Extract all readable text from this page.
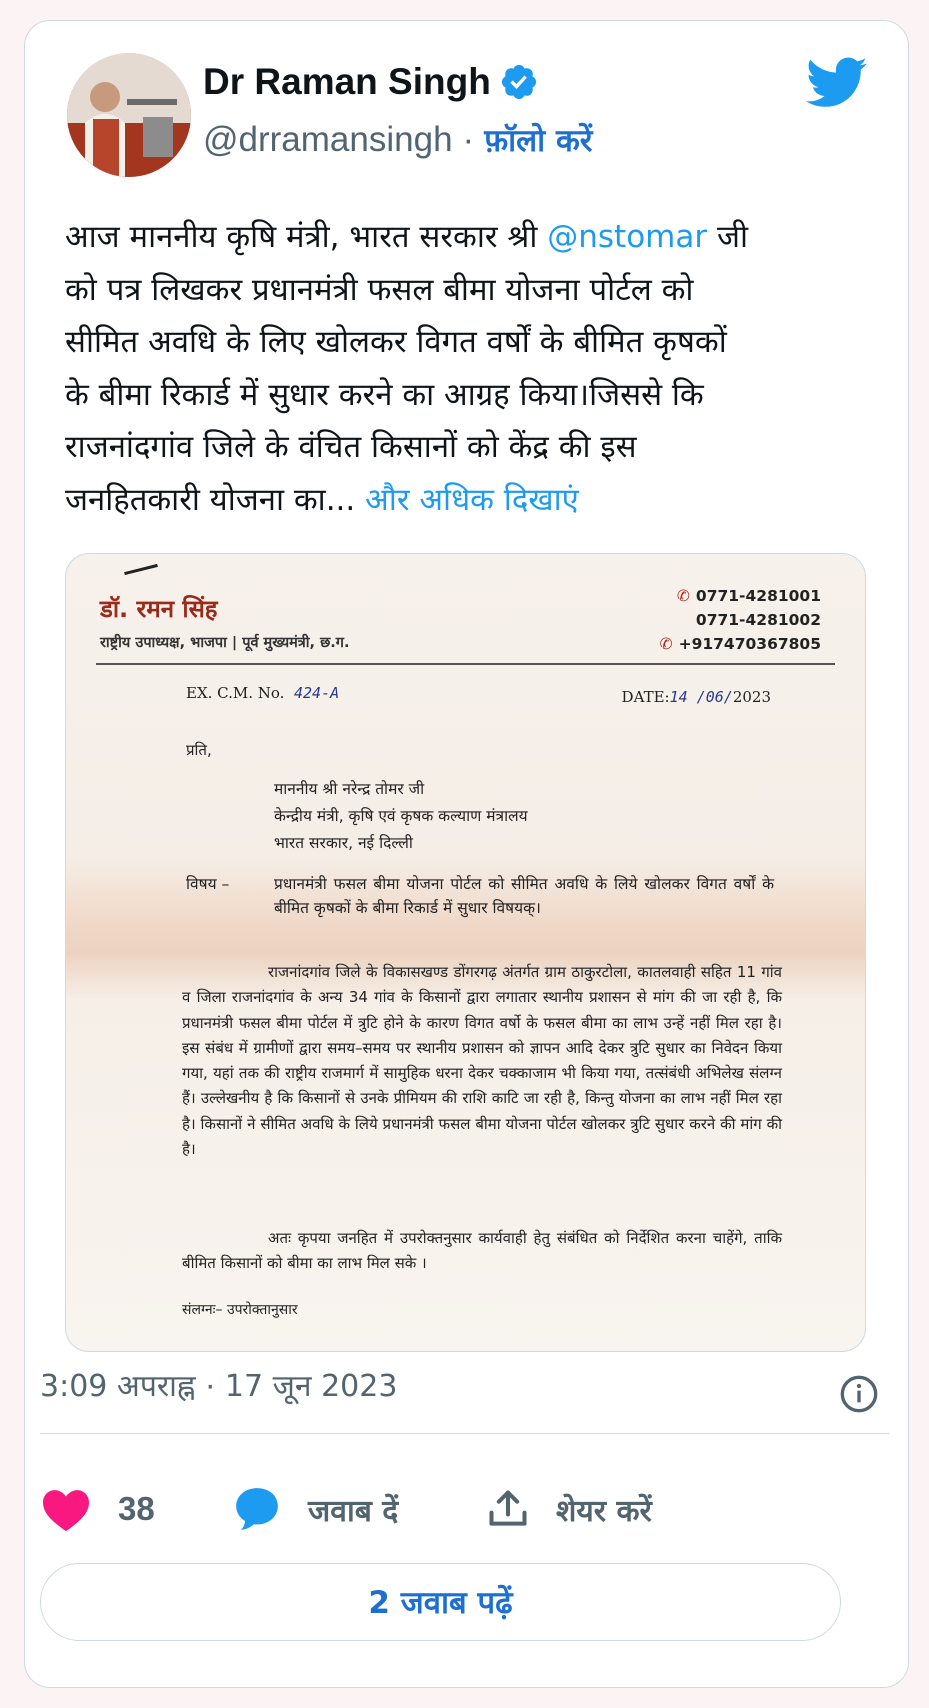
Dr Raman Singh
@drramansingh · फ़ॉलो करें
आज माननीय कृषि मंत्री, भारत सरकार श्री @nstomar जी
को पत्र लिखकर प्रधानमंत्री फसल बीमा योजना पोर्टल को
सीमित अवधि के लिए खोलकर विगत वर्षों के बीमित कृषकों
के बीमा रिकार्ड में सुधार करने का आग्रह किया।जिससे कि
राजनांदगांव जिले के वंचित किसानों को केंद्र की इस
जनहितकारी योजना का... और अधिक दिखाएं
डॉ. रमन सिंह
राष्ट्रीय उपाध्यक्ष, भाजपा | पूर्व मुख्यमंत्री, छ.ग.
✆ 0771-4281001
0771-4281002
✆ +917470367805
EX. C.M. No. 424-A	DATE:14 /06/2023
प्रति,
माननीय श्री नरेन्द्र तोमर जी
केन्द्रीय मंत्री, कृषि एवं कृषक कल्याण मंत्रालय
भारत सरकार, नई दिल्ली
विषय –	प्रधानमंत्री फसल बीमा योजना पोर्टल को सीमित अवधि के लिये खोलकर विगत वर्षों के बीमित कृषकों के बीमा रिकार्ड में सुधार विषयक्।
राजनांदगांव जिले के विकासखण्ड डोंगरगढ़ अंतर्गत ग्राम ठाकुरटोला, कातलवाही सहित 11 गांव व जिला राजनांदगांव के अन्य 34 गांव के किसानों द्वारा लगातार स्थानीय प्रशासन से मांग की जा रही है, कि प्रधानमंत्री फसल बीमा पोर्टल में त्रुटि होने के कारण विगत वर्षो के फसल बीमा का लाभ उन्हें नहीं मिल रहा है। इस संबंध में ग्रामीणों द्वारा समय–समय पर स्थानीय प्रशासन को ज्ञापन आदि देकर त्रुटि सुधार का निवेदन किया गया, यहां तक की राष्ट्रीय राजमार्ग में सामुहिक धरना देकर चक्काजाम भी किया गया, तत्संबंधी अभिलेख संलग्न हैं। उल्लेखनीय है कि किसानों से उनके प्रीमियम की राशि काटि जा रही है, किन्तु योजना का लाभ नहीं मिल रहा है। किसानों ने सीमित अवधि के लिये प्रधानमंत्री फसल बीमा योजना पोर्टल खोलकर त्रुटि सुधार करने की मांग की है।
अतः कृपया जनहित में उपरोक्तनुसार कार्यवाही हेतु संबंधित को निर्देशित करना चाहेंगे, ताकि बीमित किसानों को बीमा का लाभ मिल सके ।
संलग्नः– उपरोक्तानुसार
3:09 अपराह्न · 17 जून 2023
38	जवाब दें	शेयर करें
2 जवाब पढ़ें
